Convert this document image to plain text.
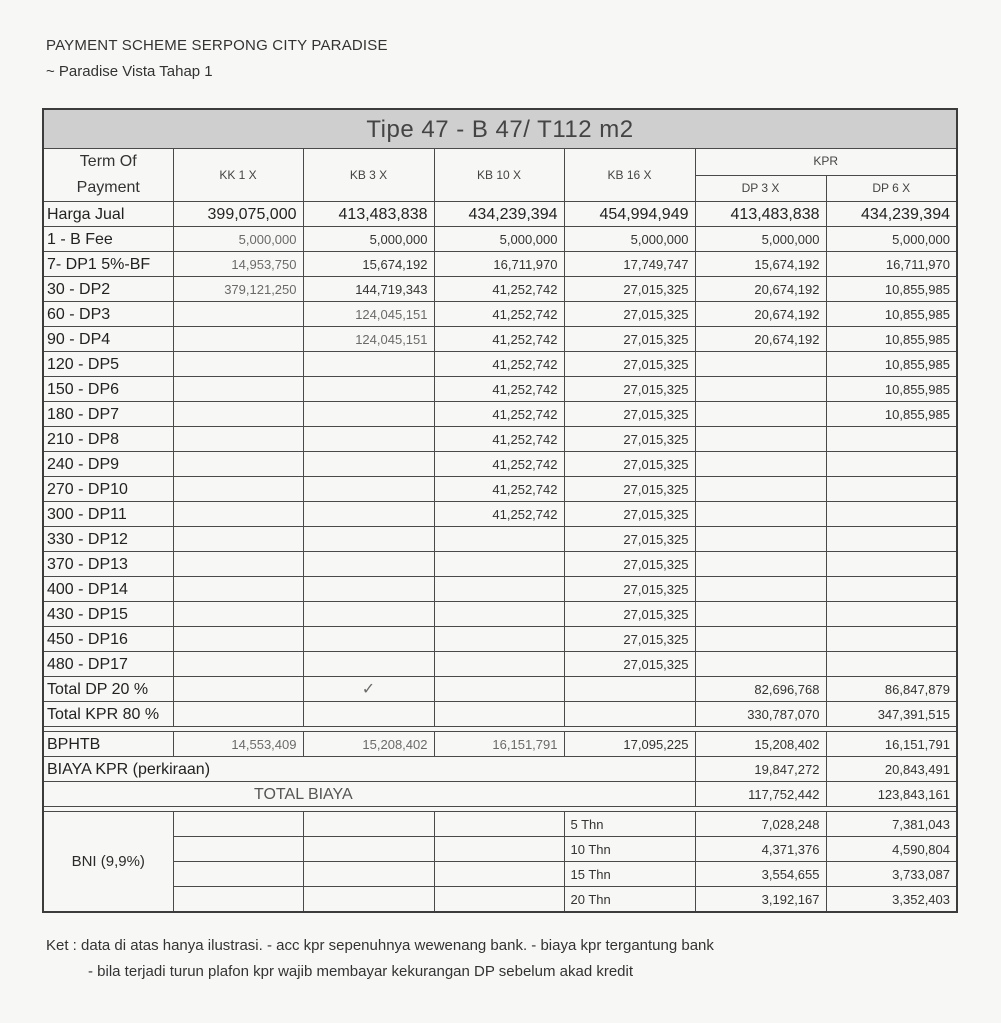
PAYMENT SCHEME SERPONG CITY PARADISE
~ Paradise Vista Tahap 1
Tipe 47 - B 47/ T112 m2						
Term Of Payment	KK 1 X	KB 3 X	KB 10 X	KB 16 X	KPR	
					DP 3 X	DP 6 X
Harga Jual	399,075,000	413,483,838	434,239,394	454,994,949	413,483,838	434,239,394
1 - B Fee	5,000,000	5,000,000	5,000,000	5,000,000	5,000,000	5,000,000
7- DP1 5%-BF	14,953,750	15,674,192	16,711,970	17,749,747	15,674,192	16,711,970
30 - DP2	379,121,250	144,719,343	41,252,742	27,015,325	20,674,192	10,855,985
60 - DP3		124,045,151	41,252,742	27,015,325	20,674,192	10,855,985
90 - DP4		124,045,151	41,252,742	27,015,325	20,674,192	10,855,985
120 - DP5			41,252,742	27,015,325		10,855,985
150 - DP6			41,252,742	27,015,325		10,855,985
180 - DP7			41,252,742	27,015,325		10,855,985
210 - DP8			41,252,742	27,015,325		
240 - DP9			41,252,742	27,015,325		
270 - DP10			41,252,742	27,015,325		
300 - DP11			41,252,742	27,015,325		
330 - DP12				27,015,325		
370 - DP13				27,015,325		
400 - DP14				27,015,325		
430 - DP15				27,015,325		
450 - DP16				27,015,325		
480 - DP17				27,015,325		
Total DP 20 %		✓			82,696,768	86,847,879
Total KPR 80 %					330,787,070	347,391,515

BPHTB	14,553,409	15,208,402	16,151,791	17,095,225	15,208,402	16,151,791
BIAYA KPR (perkiraan)					19,847,272	20,843,491
TOTAL BIAYA					117,752,442	123,843,161

BNI (9,9%)				5 Thn	7,028,248	7,381,043
				10 Thn	4,371,376	4,590,804
				15 Thn	3,554,655	3,733,087
				20 Thn	3,192,167	3,352,403
Ket : data di atas hanya ilustrasi. - acc kpr sepenuhnya wewenang bank. - biaya kpr tergantung bank
- bila terjadi turun plafon kpr wajib membayar kekurangan DP sebelum akad kredit
